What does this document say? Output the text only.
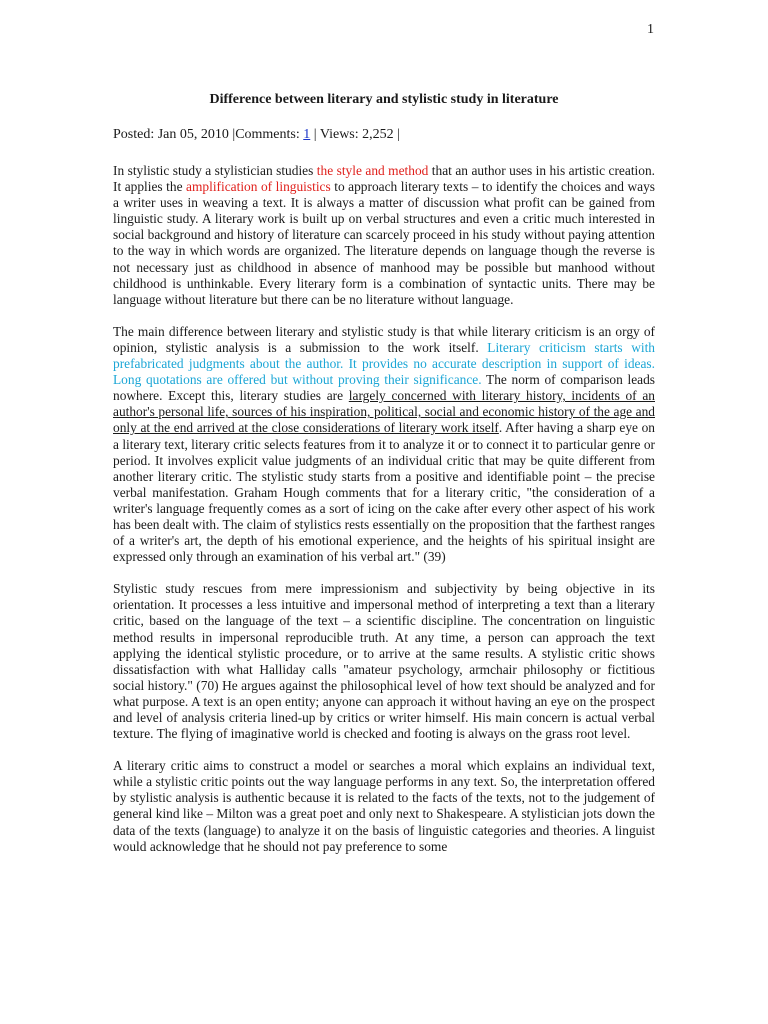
1
Difference between literary and stylistic study in literature
Posted: Jan 05, 2010 |Comments: 1 | Views: 2,252 |

In stylistic study a stylistician studies the style and method that an author uses in his artistic creation. It applies the amplification of linguistics to approach literary texts – to identify the choices and ways a writer uses in weaving a text. It is always a matter of discussion what profit can be gained from linguistic study. A literary work is built up on verbal structures and even a critic much interested in social background and history of literature can scarcely proceed in his study without paying attention to the way in which words are organized. The literature depends on language though the reverse is not necessary just as childhood in absence of manhood may be possible but manhood without childhood is unthinkable. Every literary form is a combination of syntactic units. There may be language without literature but there can be no literature without language.

The main difference between literary and stylistic study is that while literary criticism is an orgy of opinion, stylistic analysis is a submission to the work itself. Literary criticism starts with prefabricated judgments about the author. It provides no accurate description in support of ideas. Long quotations are offered but without proving their significance. The norm of comparison leads nowhere. Except this, literary studies are largely concerned with literary history, incidents of an author's personal life, sources of his inspiration, political, social and economic history of the age and only at the end arrived at the close considerations of literary work itself. After having a sharp eye on a literary text, literary critic selects features from it to analyze it or to connect it to particular genre or period. It involves explicit value judgments of an individual critic that may be quite different from another literary critic. The stylistic study starts from a positive and identifiable point – the precise verbal manifestation. Graham Hough comments that for a literary critic, "the consideration of a writer's language frequently comes as a sort of icing on the cake after every other aspect of his work has been dealt with. The claim of stylistics rests essentially on the proposition that the farthest ranges of a writer's art, the depth of his emotional experience, and the heights of his spiritual insight are expressed only through an examination of his verbal art." (39)

Stylistic study rescues from mere impressionism and subjectivity by being objective in its orientation. It processes a less intuitive and impersonal method of interpreting a text than a literary critic, based on the language of the text – a scientific discipline. The concentration on linguistic method results in impersonal reproducible truth. At any time, a person can approach the text applying the identical stylistic procedure, or to arrive at the same results. A stylistic critic shows dissatisfaction with what Halliday calls "amateur psychology, armchair philosophy or fictitious social history." (70) He argues against the philosophical level of how text should be analyzed and for what purpose. A text is an open entity; anyone can approach it without having an eye on the prospect and level of analysis criteria lined-up by critics or writer himself. His main concern is actual verbal texture. The flying of imaginative world is checked and footing is always on the grass root level.

A literary critic aims to construct a model or searches a moral which explains an individual text, while a stylistic critic points out the way language performs in any text. So, the interpretation offered by stylistic analysis is authentic because it is related to the facts of the texts, not to the judgement of general kind like – Milton was a great poet and only next to Shakespeare. A stylistician jots down the data of the texts (language) to analyze it on the basis of linguistic categories and theories. A linguist would acknowledge that he should not pay preference to some
